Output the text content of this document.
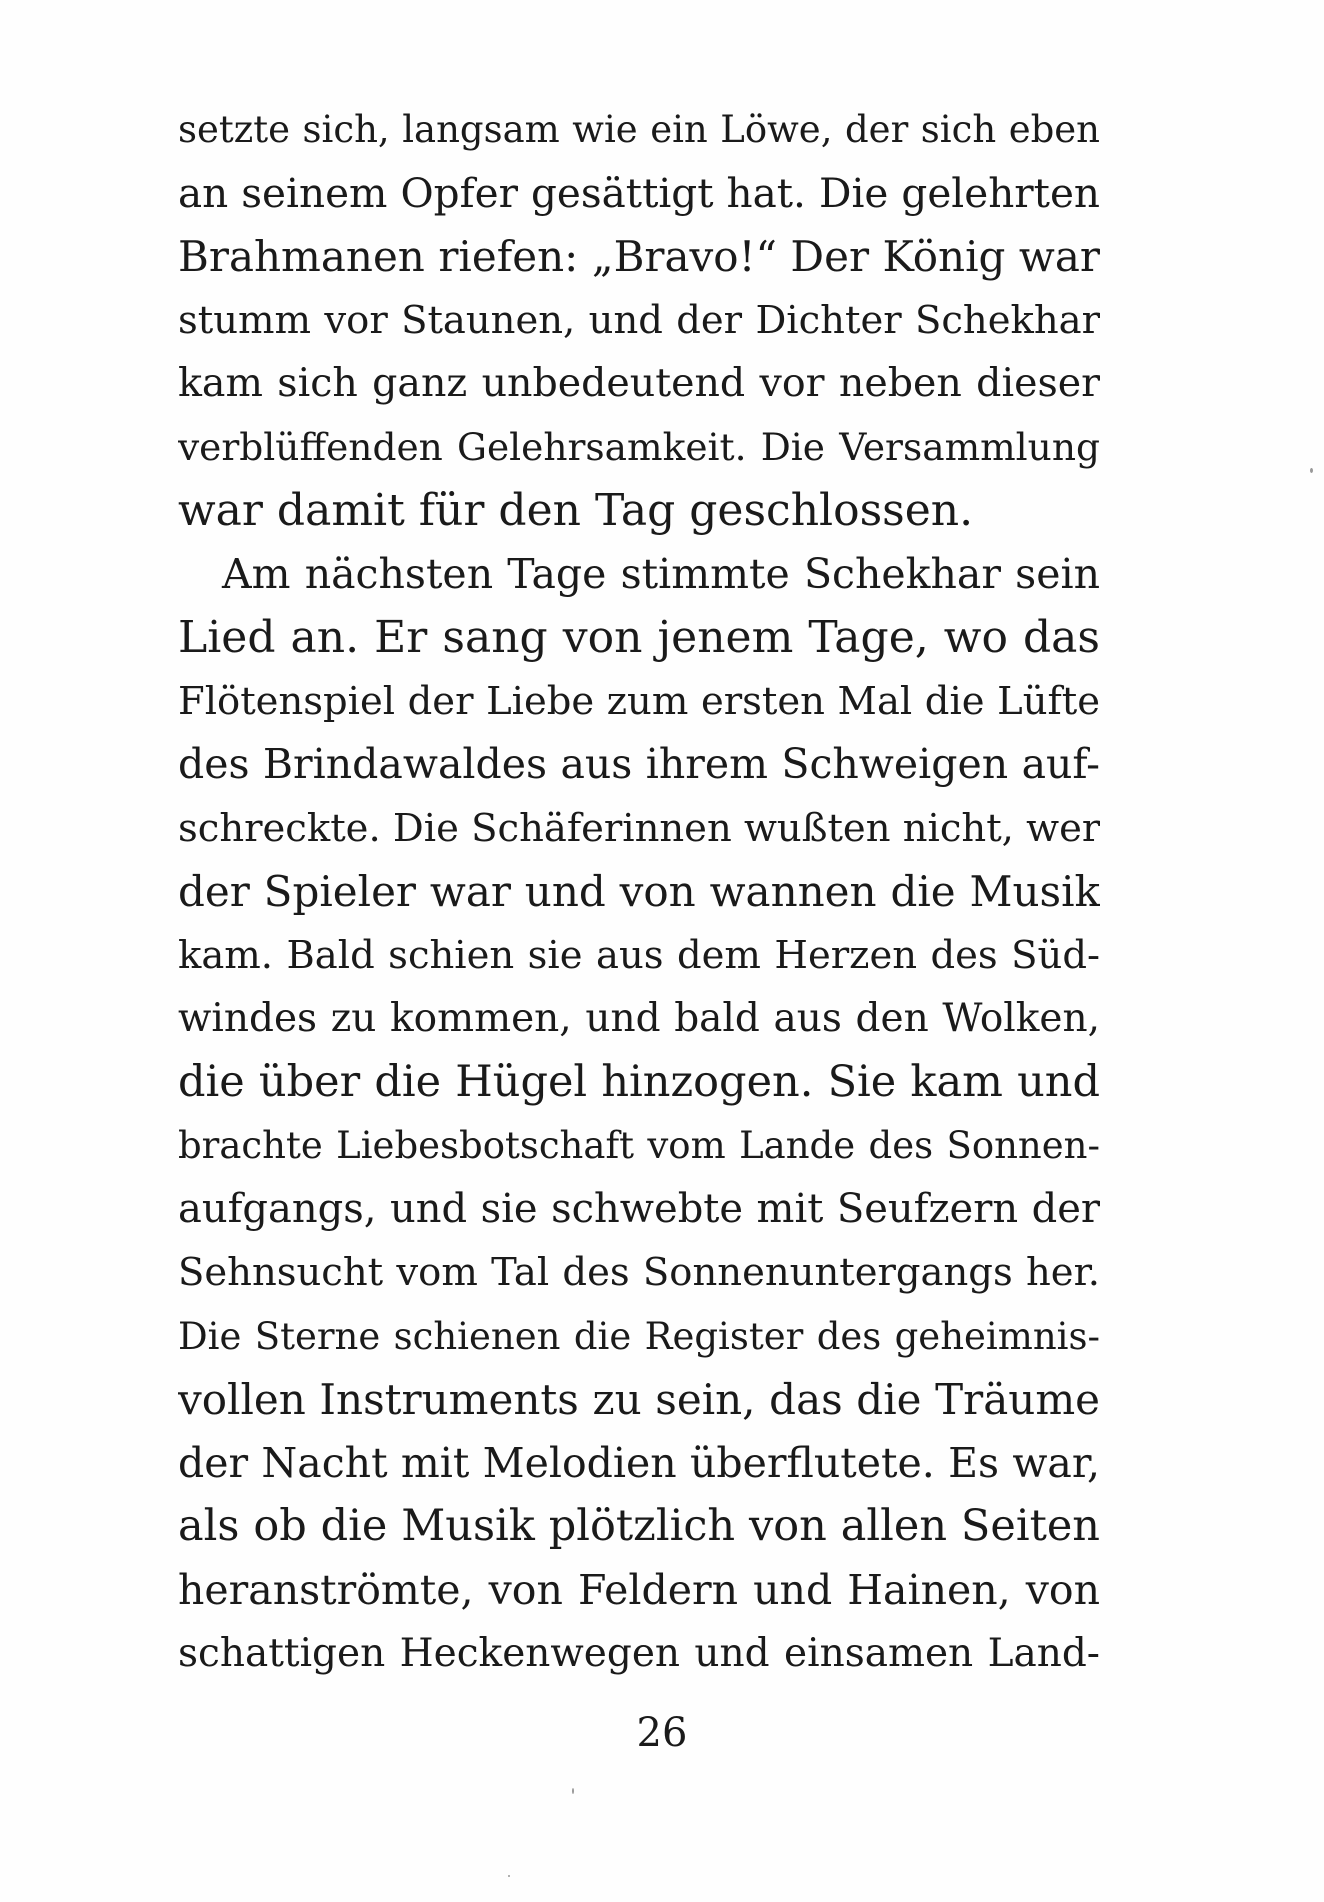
setzte sich, langsam wie ein Löwe, der sich eben
an seinem Opfer gesättigt hat. Die gelehrten
Brahmanen riefen: „Bravo!“ Der König war
stumm vor Staunen, und der Dichter Schekhar
kam sich ganz unbedeutend vor neben dieser
verblüffenden Gelehrsamkeit. Die Versammlung
war damit für den Tag geschlossen.
Am nächsten Tage stimmte Schekhar sein
Lied an. Er sang von jenem Tage, wo das
Flötenspiel der Liebe zum ersten Mal die Lüfte
des Brindawaldes aus ihrem Schweigen auf-
schreckte. Die Schäferinnen wußten nicht, wer
der Spieler war und von wannen die Musik
kam. Bald schien sie aus dem Herzen des Süd-
windes zu kommen, und bald aus den Wolken,
die über die Hügel hinzogen. Sie kam und
brachte Liebesbotschaft vom Lande des Sonnen-
aufgangs, und sie schwebte mit Seufzern der
Sehnsucht vom Tal des Sonnenuntergangs her.
Die Sterne schienen die Register des geheimnis-
vollen Instruments zu sein, das die Träume
der Nacht mit Melodien überflutete. Es war,
als ob die Musik plötzlich von allen Seiten
heranströmte, von Feldern und Hainen, von
schattigen Heckenwegen und einsamen Land-
26
